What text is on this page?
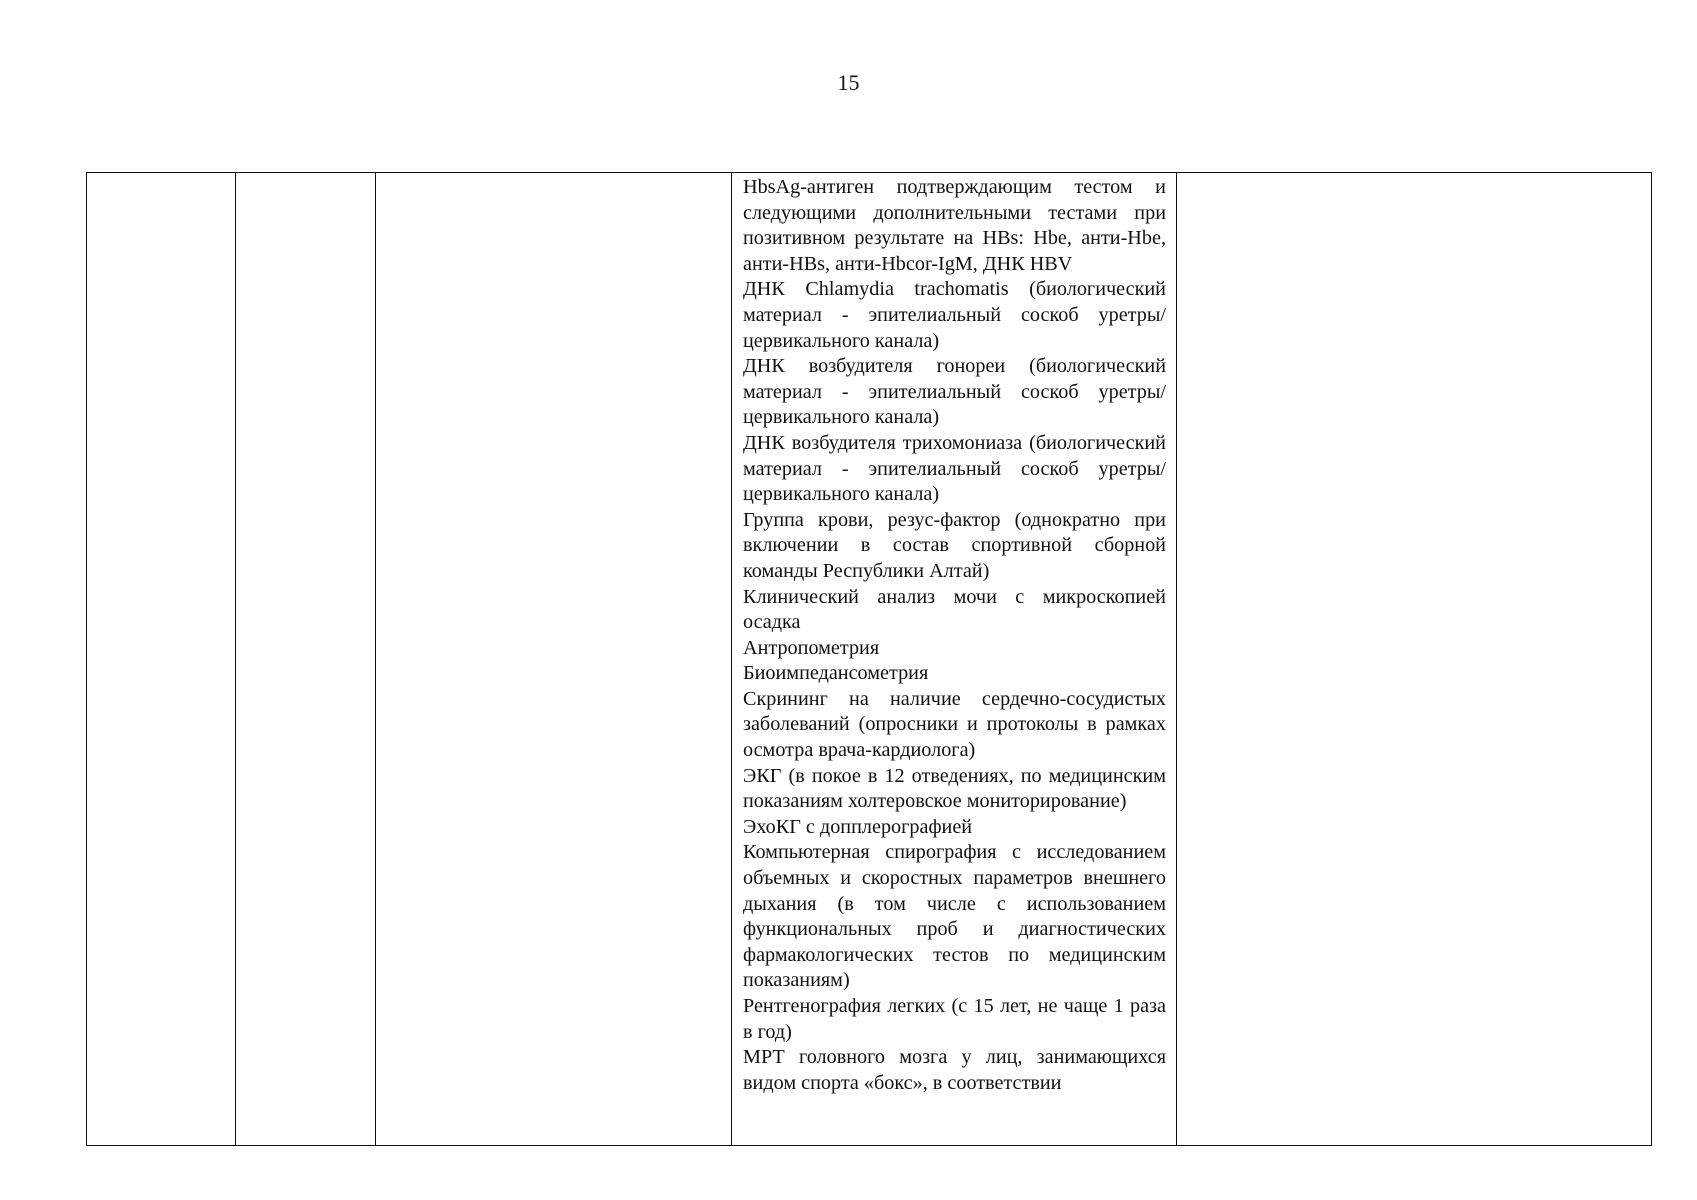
15

HbsAg-антиген подтверждающим тестом и следующими дополнительными тестами при позитивном результате на HBs: Hbe, анти-Hbe, анти-HBs, анти-Hbcor-IgM, ДНК HBV

ДНК Chlamydia trachomatis (биологический материал - эпителиальный соскоб уретры/цервикального канала)

ДНК возбудителя гонореи (биологический материал - эпителиальный соскоб уретры/ цервикального канала)

ДНК возбудителя трихомониаза (биологический материал - эпителиальный соскоб уретры/цервикального канала)

Группа крови, резус-фактор (однократно при включении в состав спортивной сборной команды Республики Алтай)

Клинический анализ мочи с микроскопией осадка

Антропометрия

Биоимпедансометрия

Скрининг на наличие сердечно-сосудистых заболеваний (опросники и протоколы в рамках осмотра врача-кардиолога)

ЭКГ (в покое в 12 отведениях, по медицинским показаниям холтеровское мониторирование)

ЭхоКГ с допплерографией

Компьютерная спирография с исследованием объемных и скоростных параметров внешнего дыхания (в том числе с использованием функциональных проб и диагностических фармакологических тестов по медицинским показаниям)

Рентгенография легких (с 15 лет, не чаще 1 раза в год)

МРТ головного мозга у лиц, занимающихся видом спорта «бокс», в соответствии
